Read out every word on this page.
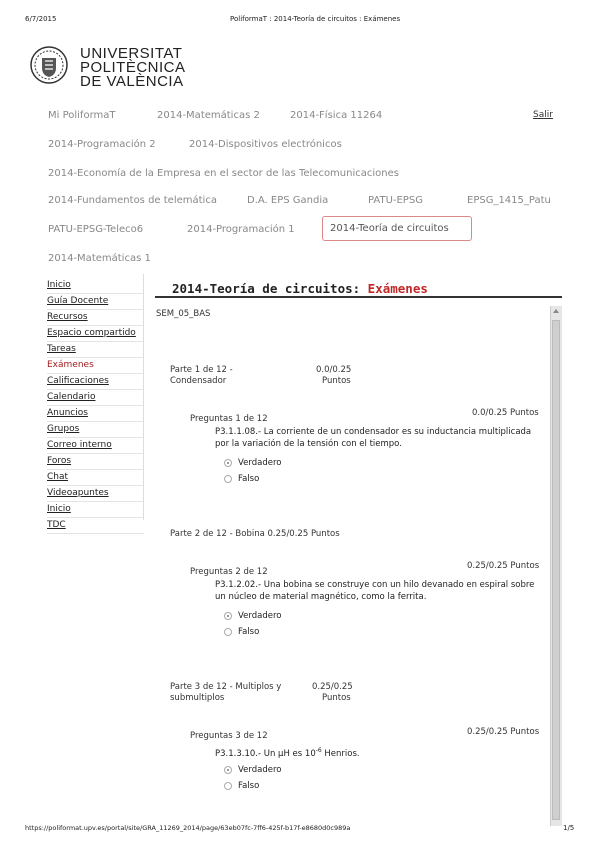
6/7/2015	PoliformaT : 2014-Teoría de circuitos : Exámenes
UNIVERSITAT
POLITÈCNICA
DE VALÈNCIA
Mi PoliformaT	2014-Matemáticas 2	2014-Física 11264	Salir
2014-Programación 2	2014-Dispositivos electrónicos
2014-Economía de la Empresa en el sector de las Telecomunicaciones
2014-Fundamentos de telemática	D.A. EPS Gandia	PATU-EPSG	EPSG_1415_Patu
PATU-EPSG-Teleco6	2014-Programación 1	2014-Teoría de circuitos
2014-Matemáticas 1
Inicio
Guía Docente
Recursos
Espacio compartido
Tareas
Exámenes
Calificaciones
Calendario
Anuncios
Grupos
Correo interno
Foros
Chat
Videoapuntes
Inicio
TDC
2014-Teoría de circuitos: Exámenes
SEM_05_BAS
Parte 1 de 12 -
Condensador
0.0/0.25
Puntos
Preguntas 1 de 12
0.0/0.25 Puntos
P3.1.1.08.- La corriente de un condensador es su inductancia multiplicada
por la variación de la tensión con el tiempo.
Verdadero
Falso
Parte 2 de 12 - Bobina 0.25/0.25 Puntos
Preguntas 2 de 12
0.25/0.25 Puntos
P3.1.2.02.- Una bobina se construye con un hilo devanado en espiral sobre
un núcleo de material magnético, como la ferrita.
Verdadero
Falso
Parte 3 de 12 - Multiplos y
submultiplos
0.25/0.25
Puntos
Preguntas 3 de 12	0.25/0.25 Puntos
P3.1.3.10.- Un µH es $10^{-6}$ Henrios.
Verdadero
Falso
https://poliformat.upv.es/portal/site/GRA_11269_2014/page/63eb07fc-7ff6-425f-b17f-e8680d0c989a	1/5
